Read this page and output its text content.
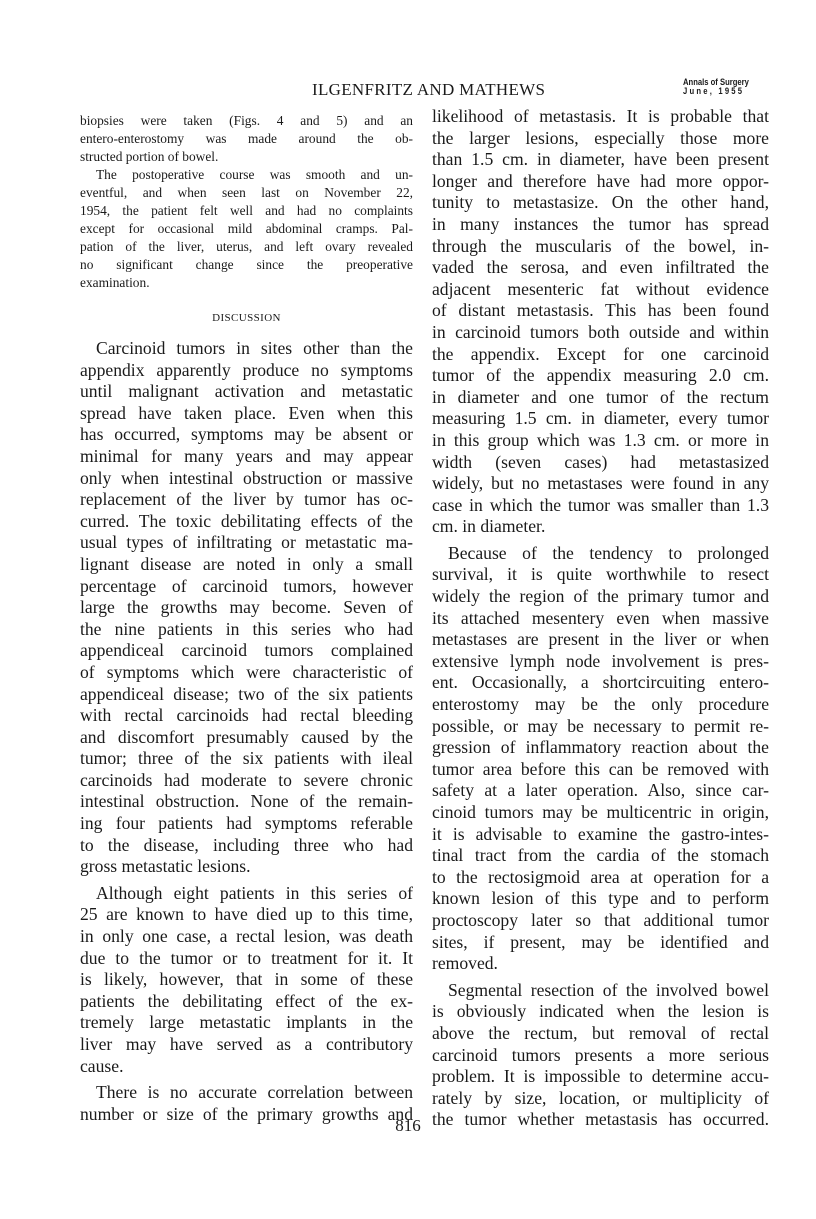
ILGENFRITZ AND MATHEWS	Annals of Surgery
June, 1955

biopsies were taken (Figs. 4 and 5) and an
entero-enterostomy was made around the ob-
structed portion of bowel.

The postoperative course was smooth and un-
eventful, and when seen last on November 22,
1954, the patient felt well and had no complaints
except for occasional mild abdominal cramps. Pal-
pation of the liver, uterus, and left ovary revealed
no significant change since the preoperative
examination.

DISCUSSION

Carcinoid tumors in sites other than the
appendix apparently produce no symptoms
until malignant activation and metastatic
spread have taken place. Even when this
has occurred, symptoms may be absent or
minimal for many years and may appear
only when intestinal obstruction or massive
replacement of the liver by tumor has oc-
curred. The toxic debilitating effects of the
usual types of infiltrating or metastatic ma-
lignant disease are noted in only a small
percentage of carcinoid tumors, however
large the growths may become. Seven of
the nine patients in this series who had
appendiceal carcinoid tumors complained
of symptoms which were characteristic of
appendiceal disease; two of the six patients
with rectal carcinoids had rectal bleeding
and discomfort presumably caused by the
tumor; three of the six patients with ileal
carcinoids had moderate to severe chronic
intestinal obstruction. None of the remain-
ing four patients had symptoms referable
to the disease, including three who had
gross metastatic lesions.

Although eight patients in this series of
25 are known to have died up to this time,
in only one case, a rectal lesion, was death
due to the tumor or to treatment for it. It
is likely, however, that in some of these
patients the debilitating effect of the ex-
tremely large metastatic implants in the
liver may have served as a contributory
cause.

There is no accurate correlation between
number or size of the primary growths and

likelihood of metastasis. It is probable that
the larger lesions, especially those more
than 1.5 cm. in diameter, have been present
longer and therefore have had more oppor-
tunity to metastasize. On the other hand,
in many instances the tumor has spread
through the muscularis of the bowel, in-
vaded the serosa, and even infiltrated the
adjacent mesenteric fat without evidence
of distant metastasis. This has been found
in carcinoid tumors both outside and within
the appendix. Except for one carcinoid
tumor of the appendix measuring 2.0 cm.
in diameter and one tumor of the rectum
measuring 1.5 cm. in diameter, every tumor
in this group which was 1.3 cm. or more in
width (seven cases) had metastasized
widely, but no metastases were found in any
case in which the tumor was smaller than 1.3
cm. in diameter.

Because of the tendency to prolonged
survival, it is quite worthwhile to resect
widely the region of the primary tumor and
its attached mesentery even when massive
metastases are present in the liver or when
extensive lymph node involvement is pres-
ent. Occasionally, a shortcircuiting entero-
enterostomy may be the only procedure
possible, or may be necessary to permit re-
gression of inflammatory reaction about the
tumor area before this can be removed with
safety at a later operation. Also, since car-
cinoid tumors may be multicentric in origin,
it is advisable to examine the gastro-intes-
tinal tract from the cardia of the stomach
to the rectosigmoid area at operation for a
known lesion of this type and to perform
proctoscopy later so that additional tumor
sites, if present, may be identified and
removed.

Segmental resection of the involved bowel
is obviously indicated when the lesion is
above the rectum, but removal of rectal
carcinoid tumors presents a more serious
problem. It is impossible to determine accu-
rately by size, location, or multiplicity of
the tumor whether metastasis has occurred.

816
